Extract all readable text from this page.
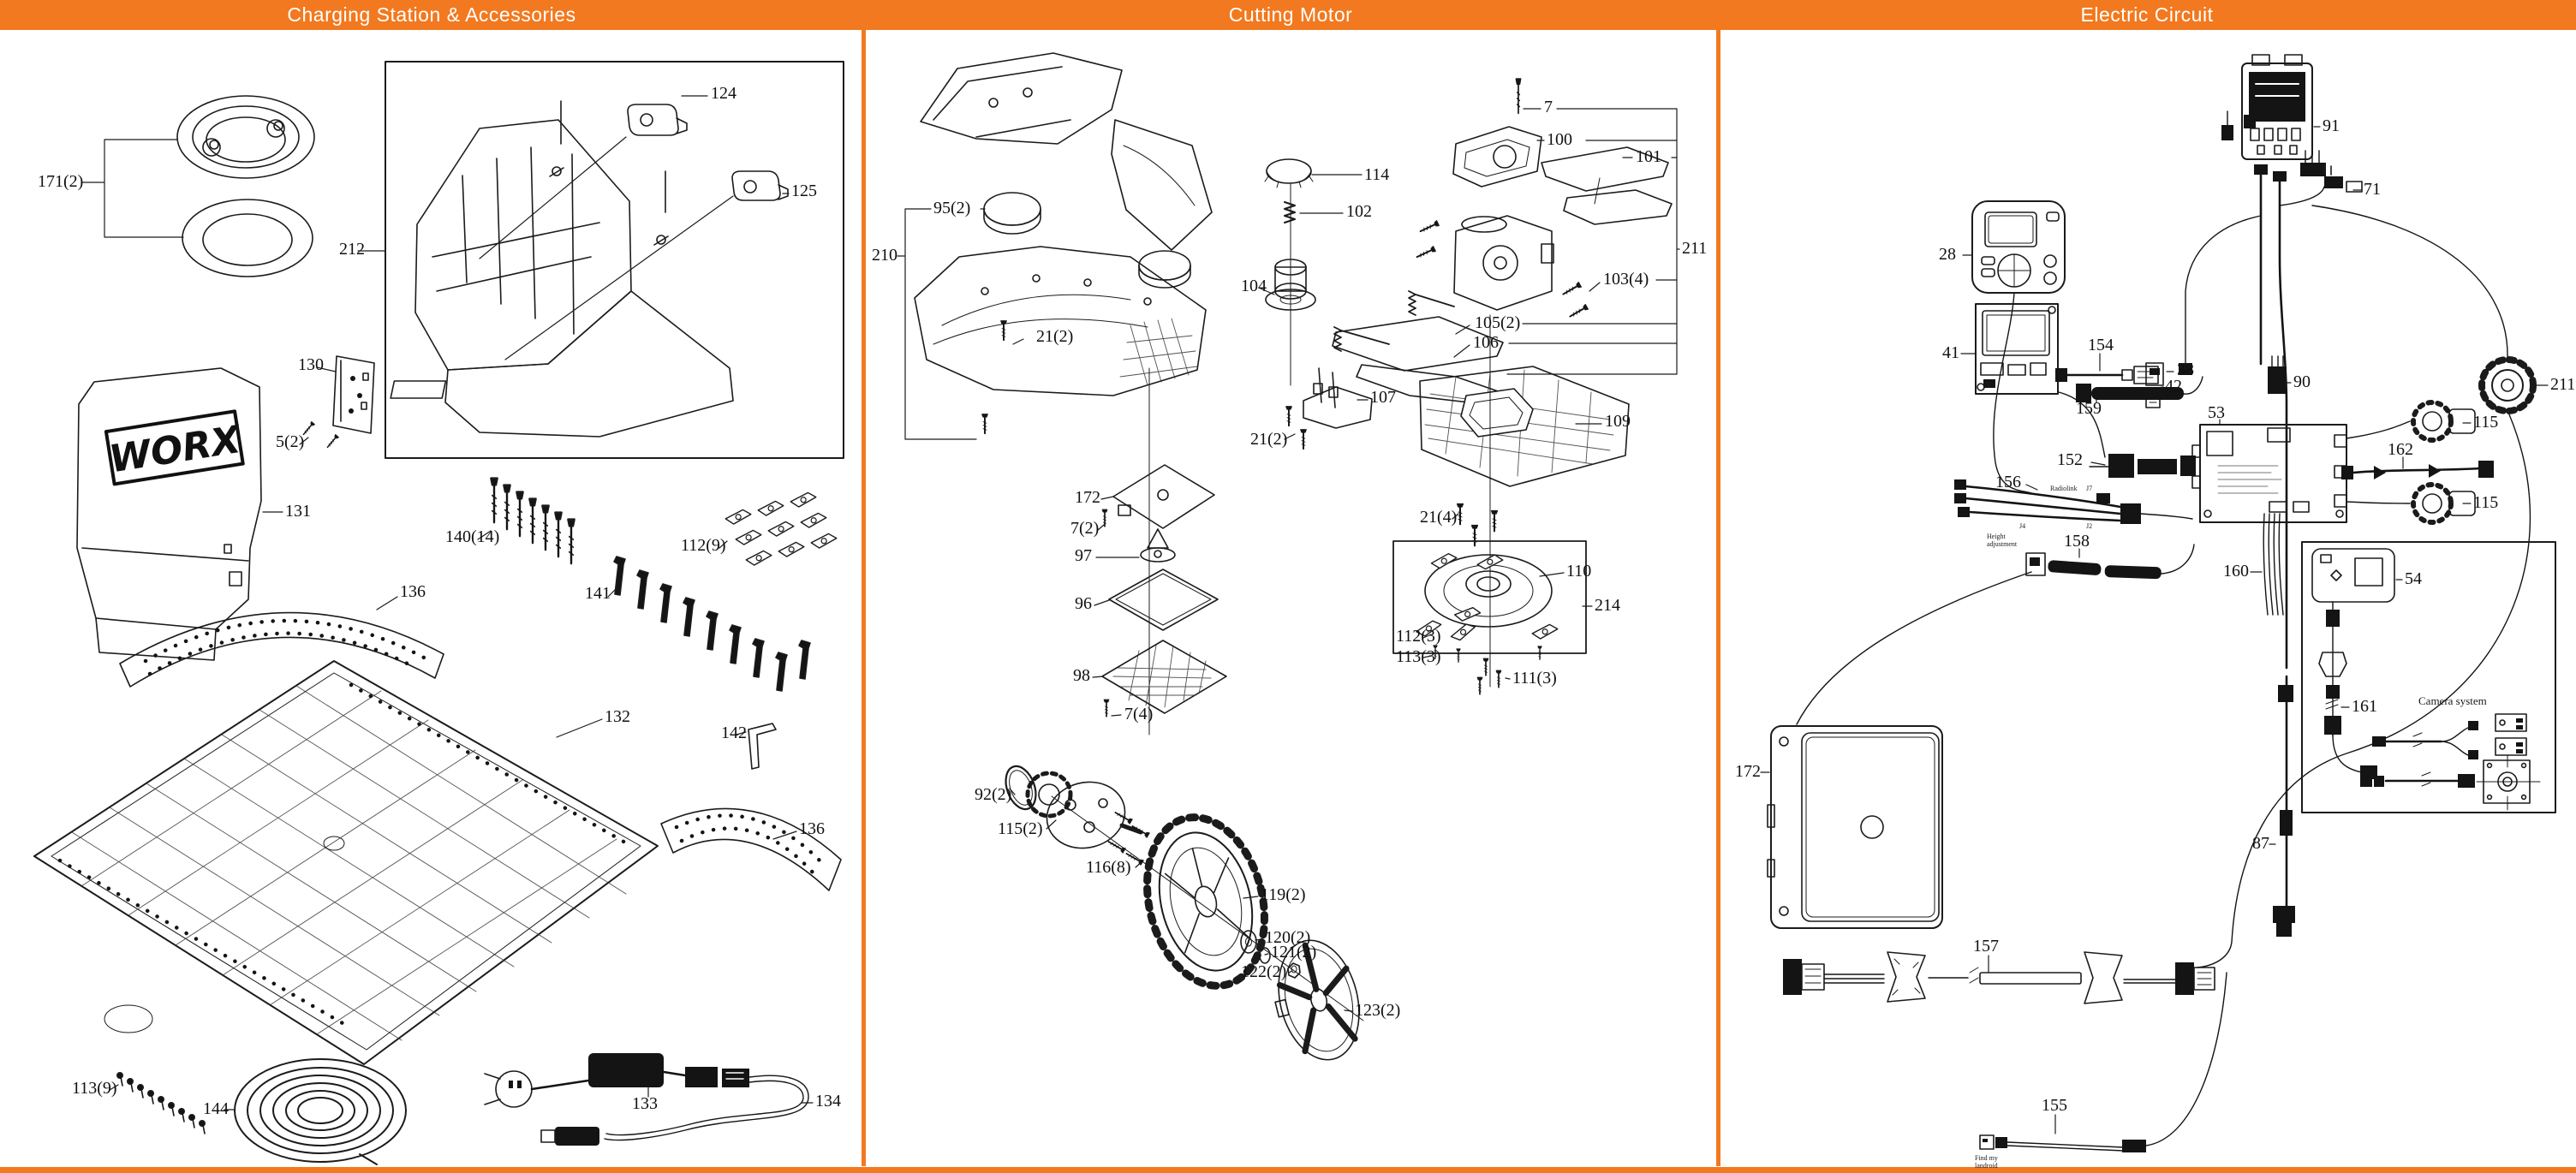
Charging Station & Accessories	Cutting Motor	Electric Circuit
WORX
171(2)
212
124
125
130
5(2)
131
136
140(14)	112(9)
141
132
142
136
113(9)
144	133	134
95(2)
210
21(2)
114
102
7
100
101
211
104	103(4)
105(2)
106
107
109
21(2)
172
7(2)
97
96
98
7(4)
21(4)
110
214
112(3)
113(3)
111(3)
92(2)
115(2)
116(8)
119(2)
120(2)
121(2)
122(2)
123(2)
91
71
28
41	154
38
42
159
90
53
211
115
162
115
152
156
158
160	54
161
87
172
157
155
Camera system
Find my landroid
Radiolink	J7
J4
Height adjustment
J2
